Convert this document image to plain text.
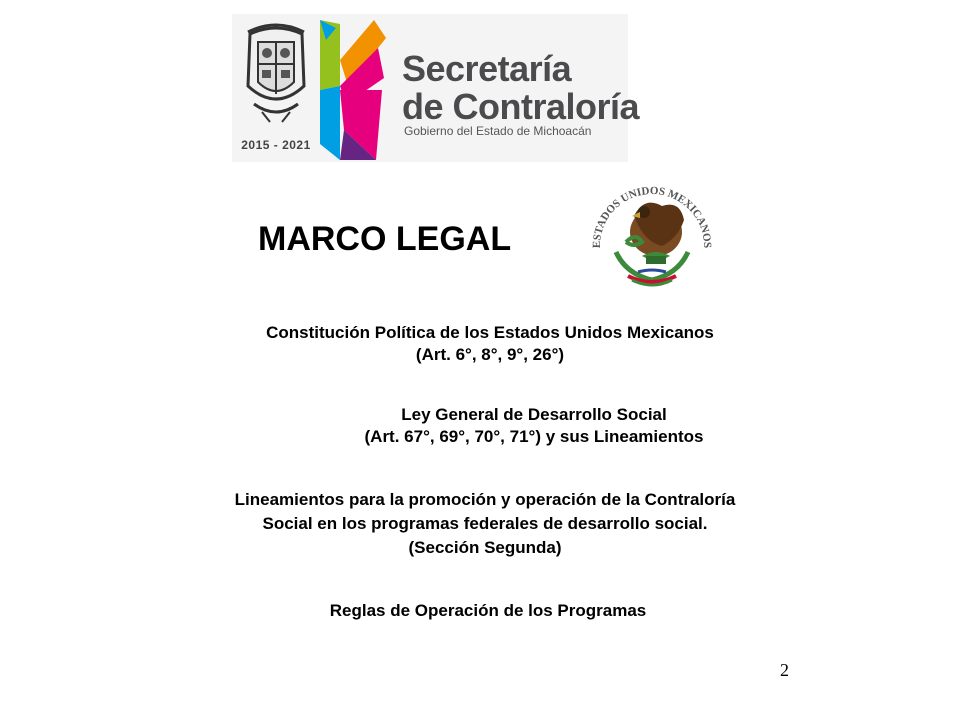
2015 - 2021
Secretaría
de Contraloría
Gobierno del Estado de Michoacán
ESTADOS UNIDOS MEXICANOS
MARCO LEGAL
Constitución Política de los Estados Unidos Mexicanos
(Art. 6°, 8°, 9°, 26°)
Ley General de Desarrollo Social
(Art. 67°, 69°, 70°, 71°) y sus Lineamientos
Lineamientos para la promoción y operación de la Contraloría
Social en los programas federales de desarrollo social.
(Sección Segunda)
Reglas de Operación de los Programas
2
